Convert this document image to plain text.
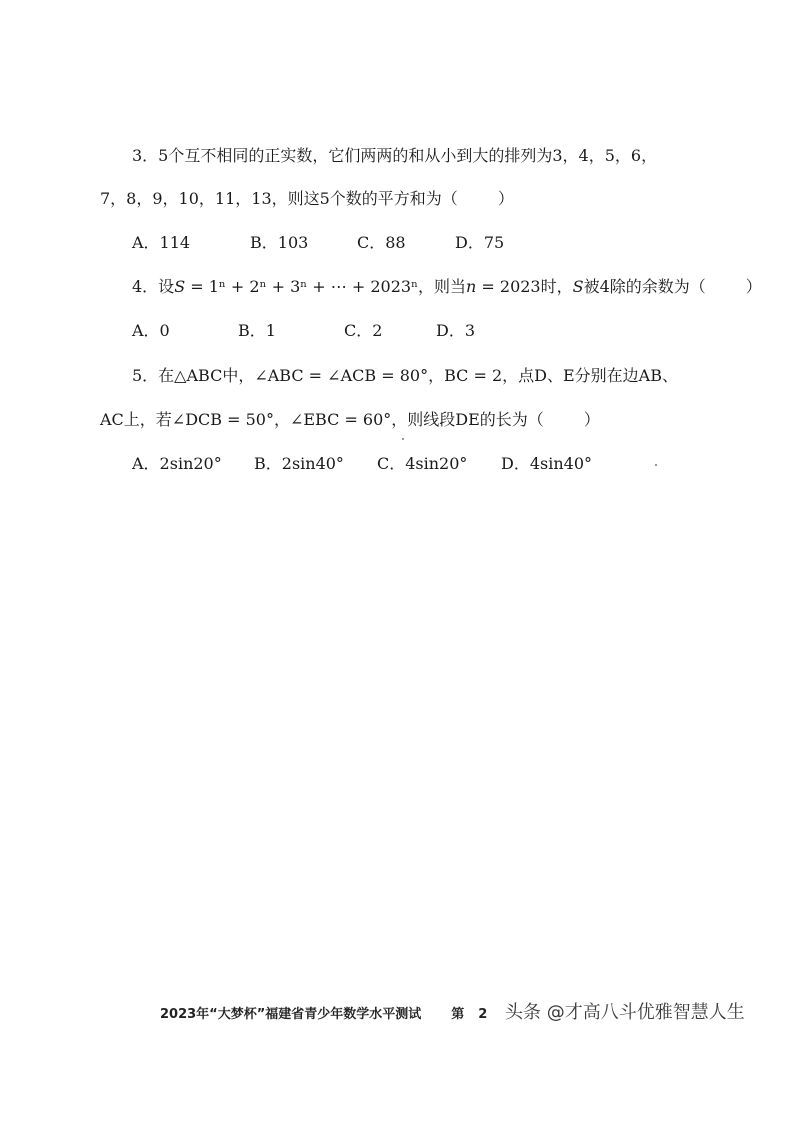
3．5个互不相同的正实数，它们两两的和从小到大的排列为3，4，5，6，
7，8，9，10，11，13，则这5个数的平方和为（	）
A．114	B．103	C．88	D．75
4．设S = 1ⁿ + 2ⁿ + 3ⁿ + ⋯ + 2023ⁿ，则当n = 2023时，S被4除的余数为（	）
A．0	B．1	C．2	D．3
5．在△ABC中，∠ABC = ∠ACB = 80°，BC = 2，点D、E分别在边AB、
AC上，若∠DCB = 50°，∠EBC = 60°，则线段DE的长为（	）
A．2sin20° B．2sin40° C．4sin20° D．4sin40°
2023年“大梦杯”福建省青少年数学水平测试 第 2 头条 @才高八斗优雅智慧人生
